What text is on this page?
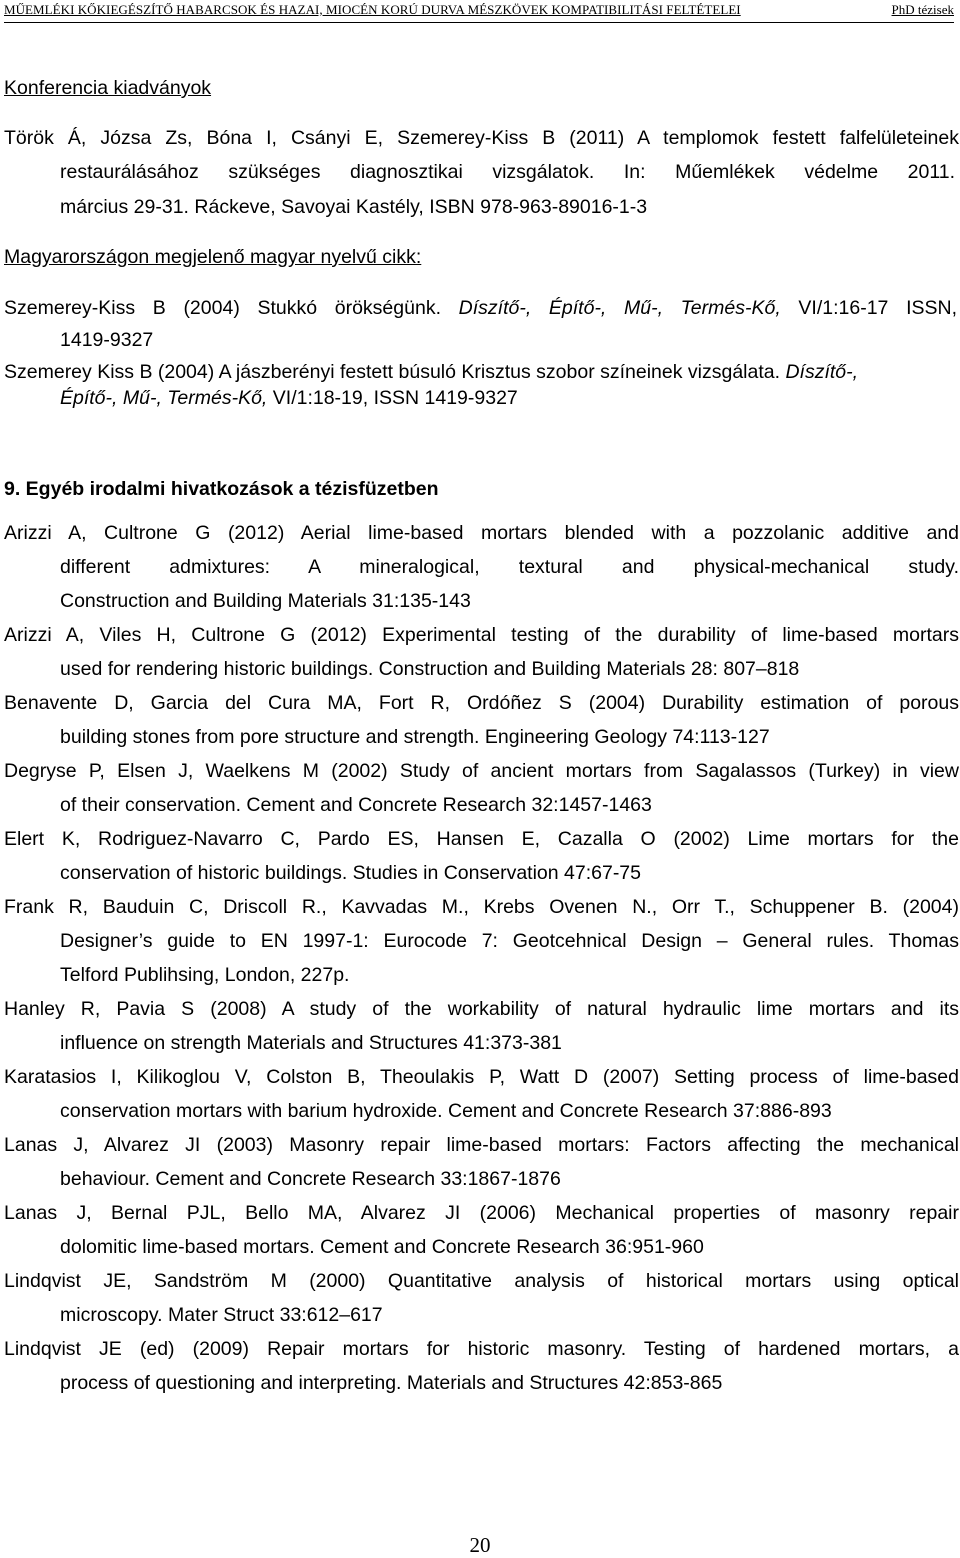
MŰEMLÉKI KŐKIEGÉSZÍTŐ HABARCSOK ÉS HAZAI, MIOCÉN KORÚ DURVA MÉSZKÖVEK KOMPATIBILITÁSI FELTÉTELEI	PhD tézisek
Konferencia kiadványok
Török Á, Józsa Zs, Bóna I, Csányi E, Szemerey-Kiss B (2011) A templomok festett falfelületeinek
restaurálásához szükséges diagnosztikai vizsgálatok. In: Műemlékek védelme 2011.
március 29-31. Ráckeve, Savoyai Kastély, ISBN 978-963-89016-1-3
Magyarországon megjelenő magyar nyelvű cikk:
Szemerey-Kiss B (2004) Stukkó örökségünk. Díszítő-, Építő-, Mű-, Termés-Kő, VI/1:16-17 ISSN,
1419-9327
Szemerey Kiss B (2004) A jászberényi festett búsuló Krisztus szobor színeinek vizsgálata. Díszítő-,
Építő-, Mű-, Termés-Kő, VI/1:18-19, ISSN 1419-9327
9. Egyéb irodalmi hivatkozások a tézisfüzetben
Arizzi A, Cultrone G (2012) Aerial lime-based mortars blended with a pozzolanic additive and
different admixtures: A mineralogical, textural and physical-mechanical study.
Construction and Building Materials 31:135-143
Arizzi A, Viles H, Cultrone G (2012) Experimental testing of the durability of lime-based mortars
used for rendering historic buildings. Construction and Building Materials 28: 807–818
Benavente D, Garcia del Cura MA, Fort R, Ordóñez S (2004) Durability estimation of porous
building stones from pore structure and strength. Engineering Geology 74:113-127
Degryse P, Elsen J, Waelkens M (2002) Study of ancient mortars from Sagalassos (Turkey) in view
of their conservation. Cement and Concrete Research 32:1457-1463
Elert K, Rodriguez-Navarro C, Pardo ES, Hansen E, Cazalla O (2002) Lime mortars for the
conservation of historic buildings. Studies in Conservation 47:67-75
Frank R, Bauduin C, Driscoll R., Kavvadas M., Krebs Ovenen N., Orr T., Schuppener B. (2004)
Designer’s guide to EN 1997-1: Eurocode 7: Geotcehnical Design – General rules. Thomas
Telford Publihsing, London, 227p.
Hanley R, Pavia S (2008) A study of the workability of natural hydraulic lime mortars and its
influence on strength Materials and Structures 41:373-381
Karatasios I, Kilikoglou V, Colston B, Theoulakis P, Watt D (2007) Setting process of lime-based
conservation mortars with barium hydroxide. Cement and Concrete Research 37:886-893
Lanas J, Alvarez JI (2003) Masonry repair lime-based mortars: Factors affecting the mechanical
behaviour. Cement and Concrete Research 33:1867-1876
Lanas J, Bernal PJL, Bello MA, Alvarez JI (2006) Mechanical properties of masonry repair
dolomitic lime-based mortars. Cement and Concrete Research 36:951-960
Lindqvist JE, Sandström M (2000) Quantitative analysis of historical mortars using optical
microscopy. Mater Struct 33:612–617
Lindqvist JE (ed) (2009) Repair mortars for historic masonry. Testing of hardened mortars, a
process of questioning and interpreting. Materials and Structures 42:853-865
20
